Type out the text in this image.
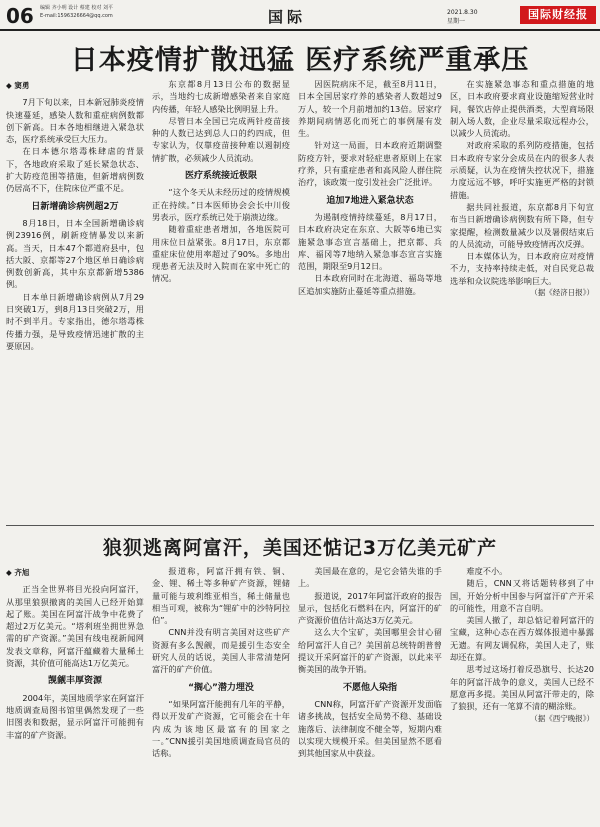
06 编辑 齐小明 设计 蔡建 校对 刘平
E-mail:1596326664@qq.com	国际	2021.8.30
星期一
国际财经报
日本疫情扩散迅猛 医疗系统严重承压
◆ 窦勇

7月下旬以来，日本新冠肺炎疫情快速蔓延，感染人数和重症病例数都创下新高。日本各地相继进入紧急状态，医疗系统承受巨大压力。

在日本德尔塔毒株肆虐的背景下，各地政府采取了延长紧急状态、扩大防疫范围等措施，但新增病例数仍居高不下，住院床位严重不足。

日新增确诊病例超2万

8月18日，日本全国新增确诊病例23916例，刷新疫情暴发以来新高。当天，日本47个都道府县中，包括大阪、京都等27个地区单日确诊病例数创新高，其中东京都新增5386例。

日本单日新增确诊病例从7月29日突破1万，到8月13日突破2万，用时不到半月。专家指出，德尔塔毒株传播力强，是导致疫情迅速扩散的主要原因。

东京都8月13日公布的数据显示，当地约七成新增感染者来自家庭内传播，年轻人感染比例明显上升。

尽管日本全国已完成两针疫苗接种的人数已达到总人口的约四成，但专家认为，仅靠疫苗接种难以遏制疫情扩散，必须减少人员流动。

医疗系统接近极限

“这个冬天从未经历过的疫情规模正在持续。”日本医师协会会长中川俊男表示，医疗系统已处于崩溃边缘。

随着重症患者增加，各地医院可用床位日益紧张。8月17日，东京都重症床位使用率超过了90%。多地出现患者无法及时入院而在家中死亡的情况。

因医院病床不足，截至8月11日，日本全国居家疗养的感染者人数超过9万人，较一个月前增加约13倍。居家疗养期间病情恶化而死亡的事例屡有发生。

针对这一局面，日本政府近期调整防疫方针，要求对轻症患者原则上在家疗养，只有重症患者和高风险人群住院治疗，该政策一度引发社会广泛批评。

追加7地进入紧急状态

为遏制疫情持续蔓延，8月17日，日本政府决定在东京、大阪等6地已实施紧急事态宣言基础上，把京都、兵库、福冈等7地纳入紧急事态宣言实施范围，期限至9月12日。

日本政府同时在北海道、福岛等地区追加实施防止蔓延等重点措施。

在实施紧急事态和重点措施的地区，日本政府要求商业设施缩短营业时间，餐饮店停止提供酒类，大型商场限制入场人数，企业尽量采取远程办公，以减少人员流动。

对政府采取的系列防疫措施，包括日本政府专家分会成员在内的很多人表示质疑，认为在疫情失控状况下，措施力度远远不够，呼吁实施更严格的封锁措施。

据共同社报道，东京都8月下旬宣布当日新增确诊病例数有所下降，但专家提醒，检测数量减少以及暑假结束后的人员流动，可能导致疫情再次反弹。

日本媒体认为，日本政府应对疫情不力，支持率持续走低，对自民党总裁选举和众议院选举影响巨大。

（据《经济日报》）
狼狈逃离阿富汗，美国还惦记3万亿美元矿产
◆ 齐旭

正当全世界将目光投向阿富汗，从那里狼狈撤离的美国人已经开始算起了账。美国在阿富汗战争中花费了超过2万亿美元。“塔利班坐拥世界急需的矿产资源。”美国有线电视新闻网发表文章称，阿富汗蕴藏着大量稀土资源，其价值可能高达1万亿美元。

觊觎丰厚资源

2004年，美国地质学家在阿富汗地质调查局图书馆里偶然发现了一些旧图表和数据，显示阿富汗可能拥有丰富的矿产资源。

报道称，阿富汗拥有铁、铜、金、锂、稀土等多种矿产资源，锂储量可能与玻利维亚相当，稀土储量也相当可观，被称为“锂矿中的沙特阿拉伯”。

CNN并没有明言美国对这些矿产资源有多么觊觎，而是援引生态安全研究人员的话说，美国人非常清楚阿富汗的矿产价值。

“搁心”潜力埋没

“如果阿富汗能拥有几年的平静，得以开发矿产资源，它可能会在十年内成为该地区最富有的国家之一。”CNN援引美国地质调查局官员的话称。

美国最在意的，是它会错失谁的手上。

报道说，2017年阿富汗政府的报告显示，包括化石燃料在内，阿富汗的矿产资源价值估计高达3万亿美元。

这么大个宝矿，美国哪里会甘心留给阿富汗人自己？美国前总统特朗普曾提议开采阿富汗的矿产资源，以此来平衡美国的战争开销。

不愿他人染指

CNN称，阿富汗矿产资源开发面临诸多挑战，包括安全局势不稳、基础设施落后、法律制度不健全等，短期内难以实现大规模开采。但美国显然不愿看到其他国家从中获益。

难度不小。

随后，CNN又将话题转移到了中国，开始分析中国参与阿富汗矿产开采的可能性，用意不言自明。

美国人撤了，却总惦记着阿富汗的宝藏，这种心态在西方媒体报道中暴露无遗。有网友调侃称，美国人走了，账却还在算。

思考过这场打着反恐旗号、长达20年的阿富汗战争的意义，美国人已经不愿意再多提。美国从阿富汗带走的，除了狼狈，还有一笔算不清的糊涂账。

（据《西宁晚报》）
